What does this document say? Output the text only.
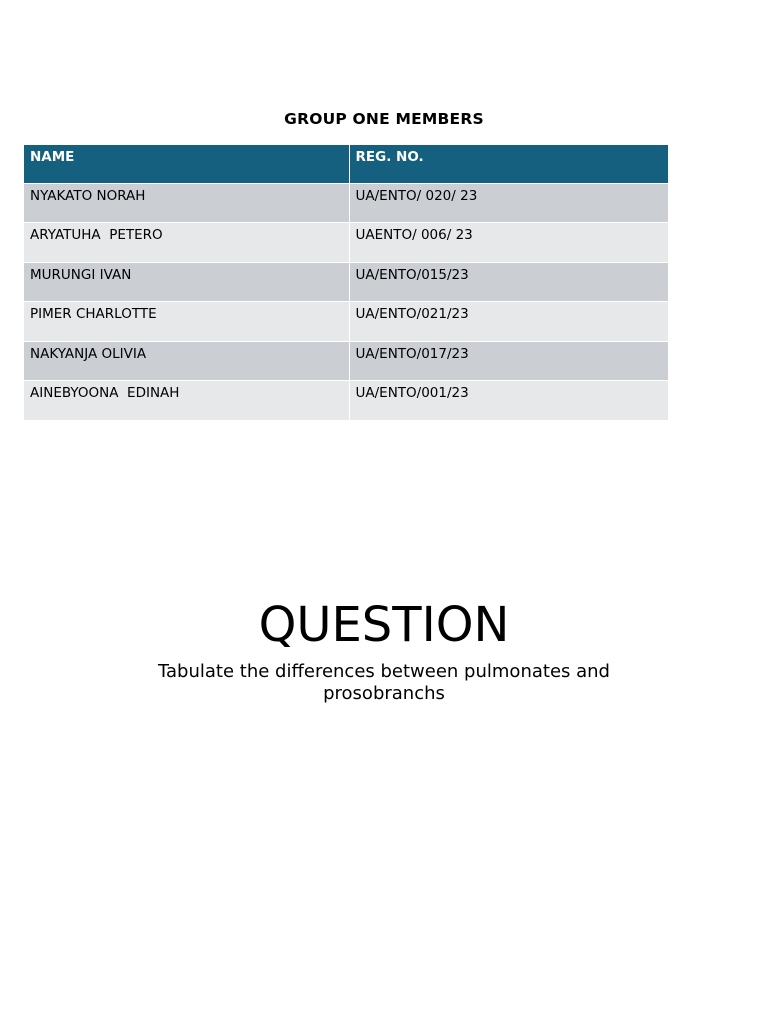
GROUP ONE MEMBERS
NAME	REG. NO.
NYAKATO NORAH	UA/ENTO/ 020/ 23
ARYATUHA  PETERO	UAENTO/ 006/ 23
MURUNGI IVAN	UA/ENTO/015/23
PIMER CHARLOTTE	UA/ENTO/021/23
NAKYANJA OLIVIA	UA/ENTO/017/23
AINEBYOONA  EDINAH	UA/ENTO/001/23
QUESTION
Tabulate the differences between pulmonates and prosobranchs
